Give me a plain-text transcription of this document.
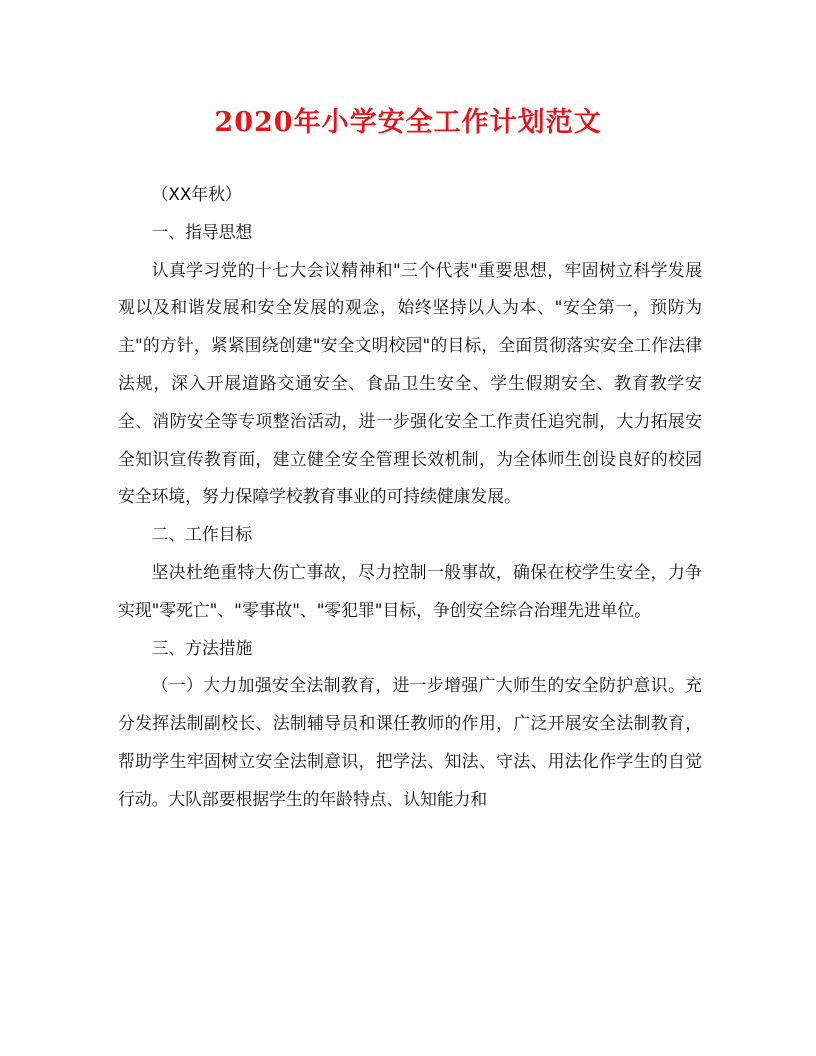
2020年小学安全工作计划范文

（XX年秋）

一、指导思想

认真学习党的十七大会议精神和"三个代表"重要思想，牢固树立科学发展观以及和谐发展和安全发展的观念，始终坚持以人为本、"安全第一，预防为主"的方针，紧紧围绕创建"安全文明校园"的目标，全面贯彻落实安全工作法律法规，深入开展道路交通安全、食品卫生安全、学生假期安全、教育教学安全、消防安全等专项整治活动，进一步强化安全工作责任追究制，大力拓展安全知识宣传教育面，建立健全安全管理长效机制，为全体师生创设良好的校园安全环境，努力保障学校教育事业的可持续健康发展。

二、工作目标

坚决杜绝重特大伤亡事故，尽力控制一般事故，确保在校学生安全，力争实现"零死亡"、"零事故"、"零犯罪"目标，争创安全综合治理先进单位。

三、方法措施

（一）大力加强安全法制教育，进一步增强广大师生的安全防护意识。充分发挥法制副校长、法制辅导员和课任教师的作用，广泛开展安全法制教育，帮助学生牢固树立安全法制意识，把学法、知法、守法、用法化作学生的自觉行动。大队部要根据学生的年龄特点、认知能力和
